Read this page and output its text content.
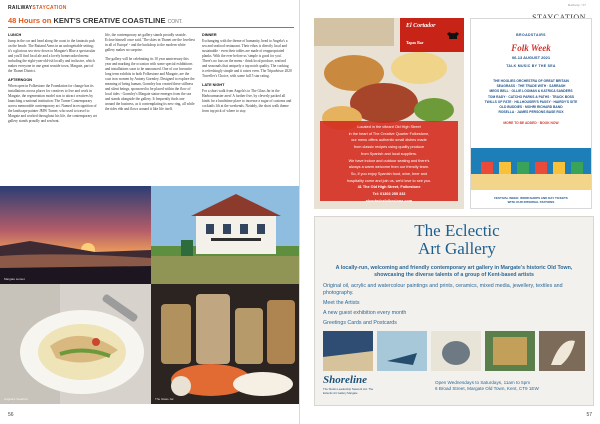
RAILWAYSTAYCATION
48 Hours on KENT'S CREATIVE COASTLINE CONT.
LUNCH

Jump in the car and head along the coast to the fantastic pub on the beach: The Rattand Arms in an unforgettable setting; it's a glorious sea view down to Margate's Blue a spectacular and you'll find local ale and a lovely homecooked menu including the eight-year-old-ish locally and inclusive, which makes everyone in one great seaside town, Margate, part of the Thanet District.

AFTERNOON

When open in Folkestone the Foundation for change has its installations across places for creatives to live and work in Margate, the regeneration model was to attract creatives by launching a national institution: The Turner Contemporary across memorable contemporary art. Named in recognition of the landscape painter JMW Turner, who used to travel to Margate and worked throughout his life, the contemporary art gallery stands proudly and seafront.

life, the contemporary art gallery stands proudly seaside. Eclose himself once said, 'The skies in Thanet are the loveliest in all of Europe' - and the backdrop to the modern white gallery makes no surprise.

The gallery will be celebrating its 10 year anniversary this year and marking the occasion with some special exhibitions and installations soon to be announced. One of our favourite long term exhibits in both Folkestone and Margate, are the coat iron women by Antony Gormley. Designed to explore the meaning of being human, Gormley has created these stillness and silent beings, sponsored to be placed within the flow of local tides - Gormley's Margate statue emerges from the sea and stands alongside the gallery. It frequently finds one around the business, as it contemplating its new ring, all while the tides ebb and flows around it like life itself.

DINNER

Exchanging with the theme of humanity, head to Angela's a sea and seafood restaurant. Their ethos is directly local and sustainable - even their tables are made of reappropriated planks. With the ever before us 'simple is good for you'. There's no fuss on the menu - think local produce, seafood and seasonals that uniquely a top notch quality. The cooking is refreshingly simple and it raises even. The Tripadvisor 2020 Traveller's Choice, with some full 5 star rating.

LATE NIGHT

For a short walk from Angela's to The Glass Jar in the Harbourmaster area! A further five, by cleverly packed all kinds for a lunchtime place to increase a sugar of customs and cocktails lift at the weekends. Notably, the short walk theme from top pick of where to stay.

Margate sunset
Angela's Seafood	The Glass Jar
56
Railway / 57
El Cortador
Tapas Bar

Located in the vibrant Old High Street

in the heart of The Creative Quarter Folkestone,

our menu offers authentic small dishes made

from classic recipes using quality produce

from Spanish and local suppliers.

We have indoor and outdoor seating and there's

always a warm welcome from our friendly team.

So, if you enjoy Spanish food, wine, beer and

hospitality come and join us, we'd love to see you.

41 The Old High Street, Folkestone

Tel: 01303 255 333

elcortadorfolkestone.com

BROADSTAIRS
Folk Week
06-13 AUGUST 2021
TALK MUSIC BY THE SEA
THE HOOLIES ORCHESTRA OF GREAT BRITAIN
SEAGRASS · THE TRADE WITH · SARRASH
MEGS BELL · OLLIE LOOMAN & KATRICA SANDERS
TOM RADY · CATCHO PARKS & PATHS · TRACK BOSS
TWILLS OF FATE · HILLHOUSER'S PASSY · HAIRDY'S SITE
OLD BUDDIES · MOHRI RICHARD BAND
ROSELLA · JAMES PERSONS BASE ROX
MORE TO BE ADDED · BOOK NOW
FESTIVAL WEEK: WORKSHOPS AND DAY TICKETS
WITH OUR INTERNAL STATIONS
The Eclectic
Art Gallery
A locally-run, welcoming and friendly contemporary art gallery in Margate's historic Old Town, showcasing the diverse talents of a group of Kent-based artists
Original oil, acrylic and watercolour paintings and prints, ceramics, mixed media, jewellery, textiles and photography.
Meet the Artists
A new guest exhibition every month
Greetings Cards and Postcards
Shoreline
The Studio Leadership Network Ltd. The Eclectic Art Gallery Margate
Open Wednesdays to Saturdays, 11am to 5pm
6 Broad Street, Margate Old Town, Kent, CT9 1EW
57
